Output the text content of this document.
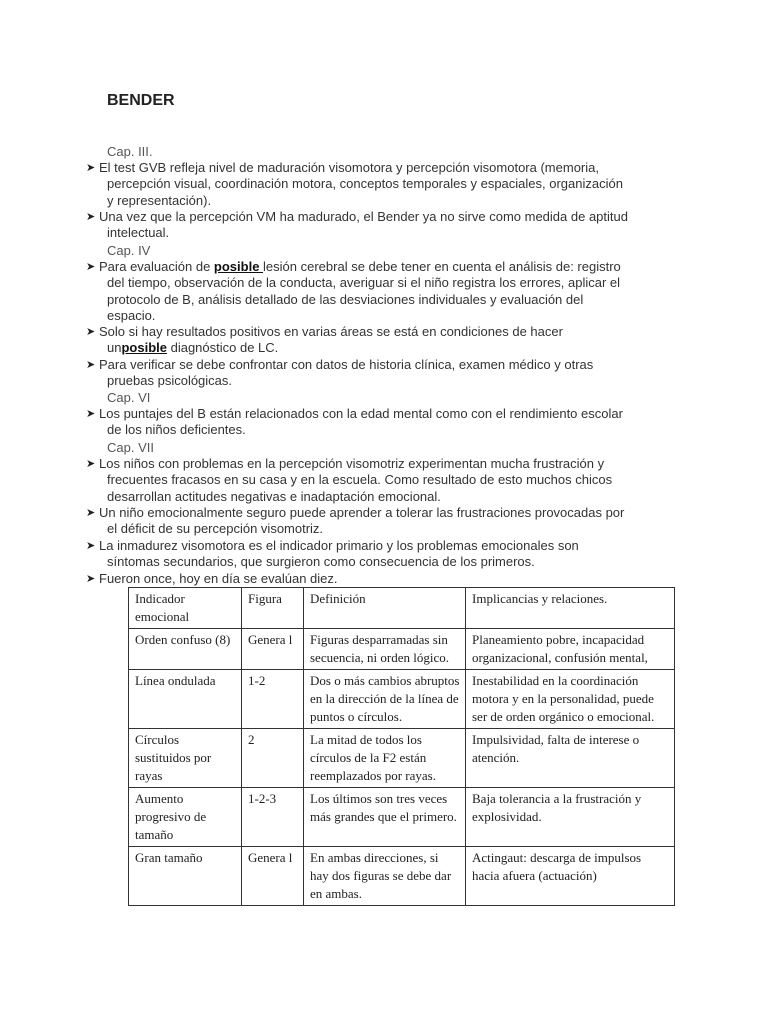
BENDER
Cap. III.
➤ El test GVB refleja nivel de maduración visomotora y percepción visomotora (memoria,
percepción visual, coordinación motora, conceptos temporales y espaciales, organización
y representación).
➤ Una vez que la percepción VM ha madurado, el Bender ya no sirve como medida de aptitud
intelectual.
Cap. IV
➤ Para evaluación de posible lesión cerebral se debe tener en cuenta el análisis de: registro
del tiempo, observación de la conducta, averiguar si el niño registra los errores, aplicar el
protocolo de B, análisis detallado de las desviaciones individuales y evaluación del
espacio.
➤ Solo si hay resultados positivos en varias áreas se está en condiciones de hacer
unposible diagnóstico de LC.
➤ Para verificar se debe confrontar con datos de historia clínica, examen médico y otras
pruebas psicológicas.
Cap. VI
➤ Los puntajes del B están relacionados con la edad mental como con el rendimiento escolar
de los niños deficientes.
Cap. VII
➤ Los niños con problemas en la percepción visomotriz experimentan mucha frustración y
frecuentes fracasos en su casa y en la escuela. Como resultado de esto muchos chicos
desarrollan actitudes negativas e inadaptación emocional.
➤ Un niño emocionalmente seguro puede aprender a tolerar las frustraciones provocadas por
el déficit de su percepción visomotriz.
➤ La inmadurez visomotora es el indicador primario y los problemas emocionales son
síntomas secundarios, que surgieron como consecuencia de los primeros.
➤ Fueron once, hoy en día se evalúan diez.
Indicador emocional	Figura	Definición	Implicancias y relaciones.
Orden confuso (8)	Genera l	Figuras desparramadas sin secuencia, ni orden lógico.	Planeamiento pobre, incapacidad organizacional, confusión mental,
Línea ondulada	1-2	Dos o más cambios abruptos en la dirección de la línea de puntos o círculos.	Inestabilidad en la coordinación motora y en la personalidad, puede ser de orden orgánico o emocional.
Círculos sustituidos por rayas	2	La mitad de todos los círculos de la F2 están reemplazados por rayas.	Impulsividad, falta de interese o atención.
Aumento progresivo de tamaño	1-2-3	Los últimos son tres veces más grandes que el primero.	Baja tolerancia a la frustración y explosividad.
Gran tamaño	Genera l	En ambas direcciones, si hay dos figuras se debe dar en ambas.	Actingaut: descarga de impulsos hacia afuera (actuación)
